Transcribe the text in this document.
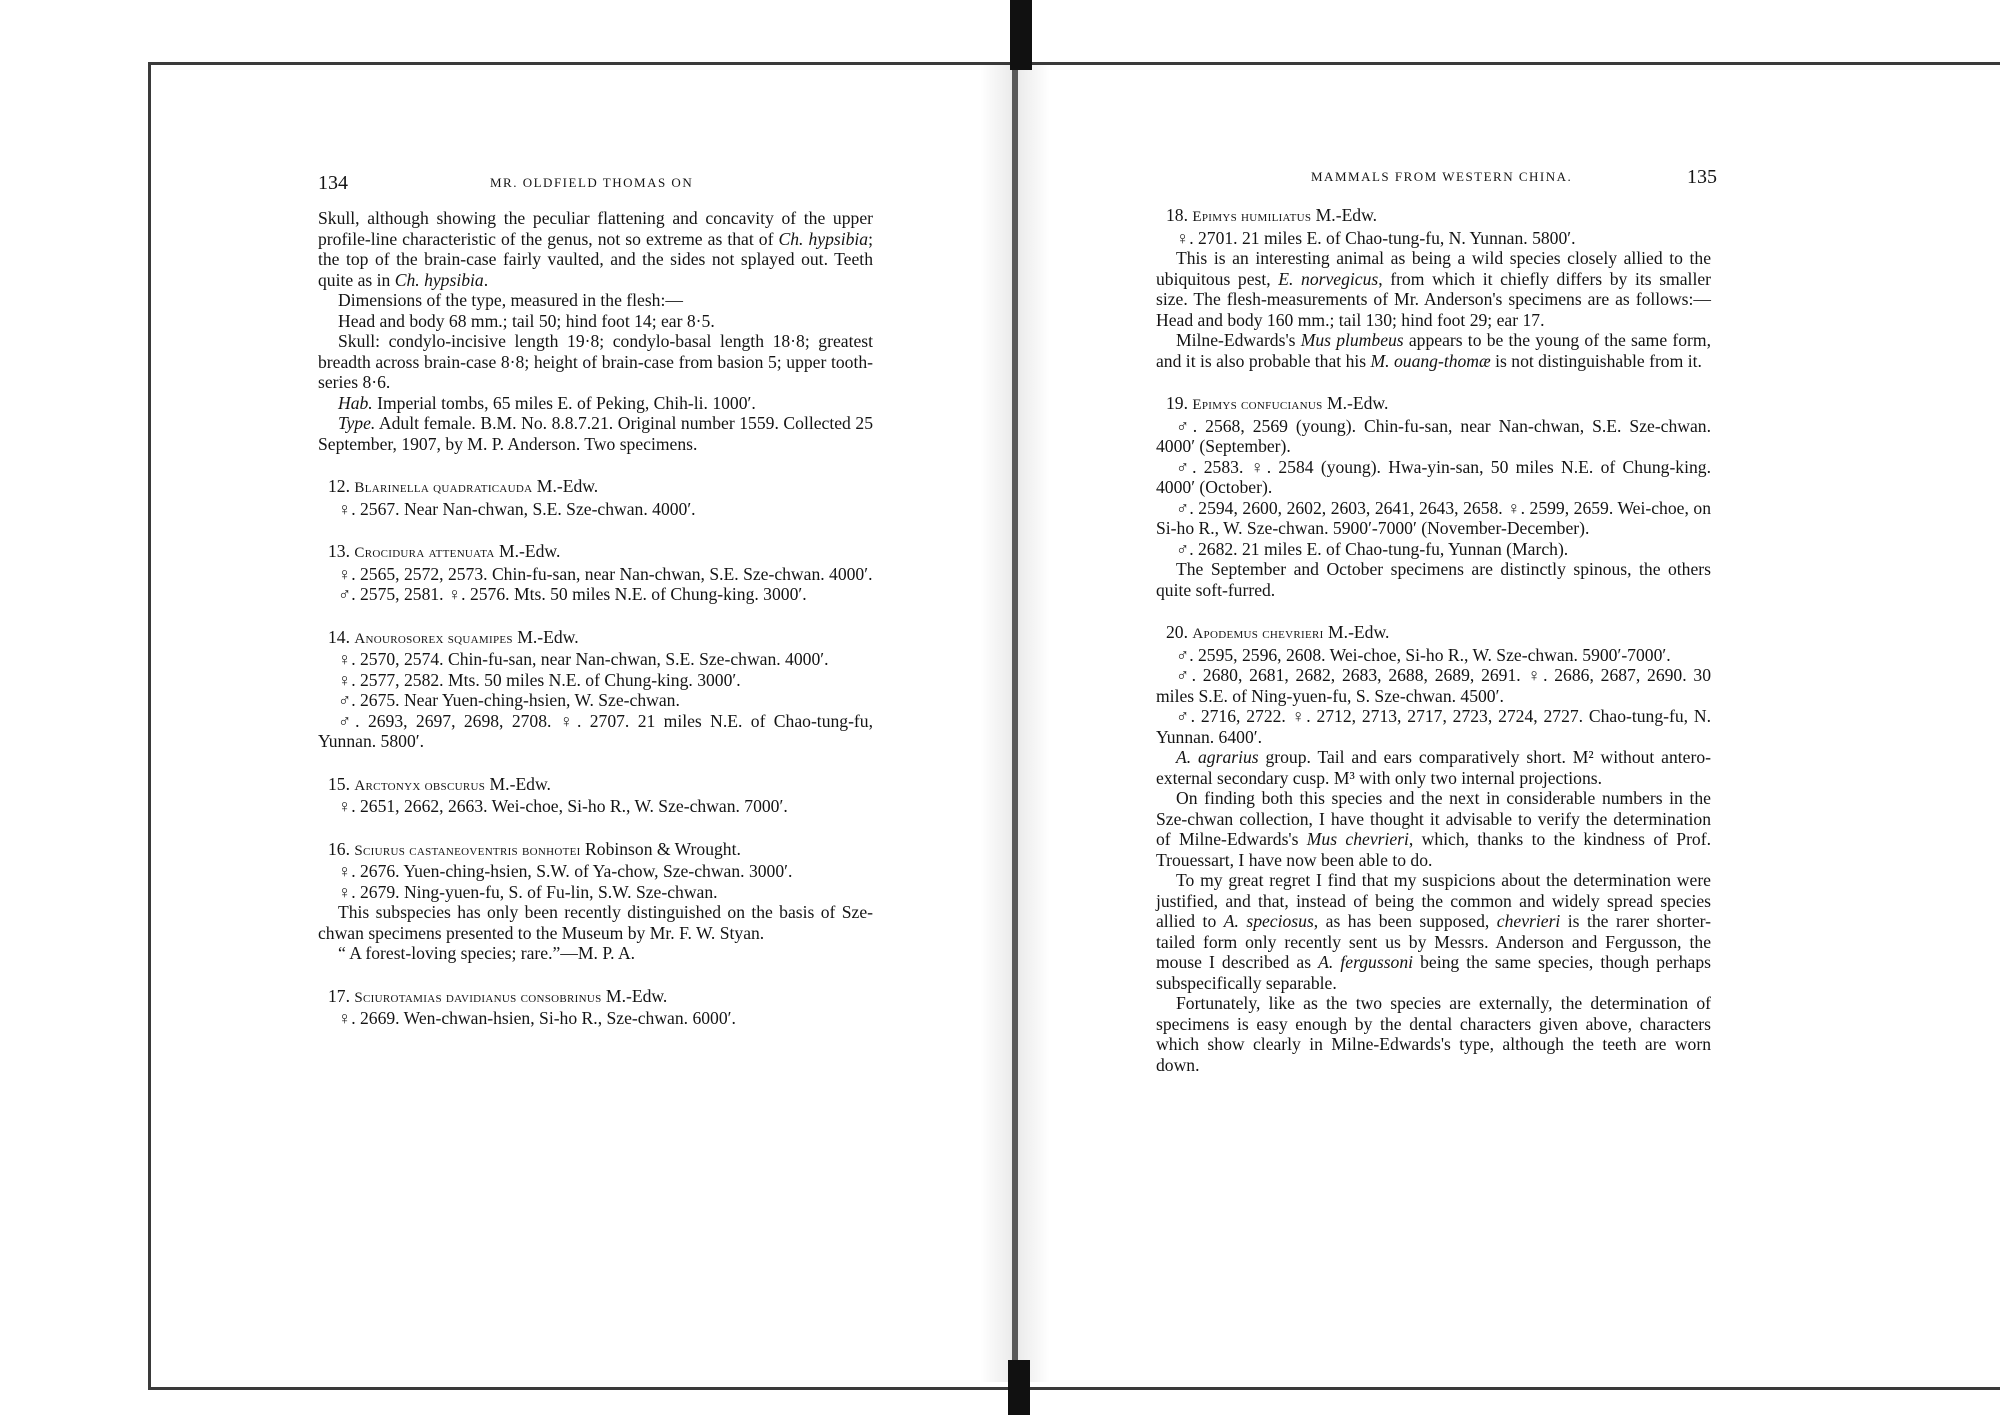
134	MR. OLDFIELD THOMAS ON

Skull, although showing the peculiar flattening and concavity of the upper profile-line characteristic of the genus, not so extreme as that of Ch. hypsibia; the top of the brain-case fairly vaulted, and the sides not splayed out. Teeth quite as in Ch. hypsibia.

Dimensions of the type, measured in the flesh:—

Head and body 68 mm.; tail 50; hind foot 14; ear 8·5.

Skull: condylo-incisive length 19·8; condylo-basal length 18·8; greatest breadth across brain-case 8·8; height of brain-case from basion 5; upper tooth-series 8·6.

Hab. Imperial tombs, 65 miles E. of Peking, Chih-li. 1000′.

Type. Adult female. B.M. No. 8.8.7.21. Original number 1559. Collected 25 September, 1907, by M. P. Anderson. Two specimens.

12. Blarinella quadraticauda M.-Edw.

♀. 2567. Near Nan-chwan, S.E. Sze-chwan. 4000′.

13. Crocidura attenuata M.-Edw.

♀. 2565, 2572, 2573. Chin-fu-san, near Nan-chwan, S.E. Sze-chwan. 4000′.

♂. 2575, 2581. ♀. 2576. Mts. 50 miles N.E. of Chung-king. 3000′.

14. Anourosorex squamipes M.-Edw.

♀. 2570, 2574. Chin-fu-san, near Nan-chwan, S.E. Sze-chwan. 4000′.

♀. 2577, 2582. Mts. 50 miles N.E. of Chung-king. 3000′.

♂. 2675. Near Yuen-ching-hsien, W. Sze-chwan.

♂. 2693, 2697, 2698, 2708. ♀. 2707. 21 miles N.E. of Chao-tung-fu, Yunnan. 5800′.

15. Arctonyx obscurus M.-Edw.

♀. 2651, 2662, 2663. Wei-choe, Si-ho R., W. Sze-chwan. 7000′.

16. Sciurus castaneoventris bonhotei Robinson & Wrought.

♀. 2676. Yuen-ching-hsien, S.W. of Ya-chow, Sze-chwan. 3000′.

♀. 2679. Ning-yuen-fu, S. of Fu-lin, S.W. Sze-chwan.

This subspecies has only been recently distinguished on the basis of Sze-chwan specimens presented to the Museum by Mr. F. W. Styan.

“ A forest-loving species; rare.”—M. P. A.

17. Sciurotamias davidianus consobrinus M.-Edw.

♀. 2669. Wen-chwan-hsien, Si-ho R., Sze-chwan. 6000′.

MAMMALS FROM WESTERN CHINA.	135

18. Epimys humiliatus M.-Edw.

♀. 2701. 21 miles E. of Chao-tung-fu, N. Yunnan. 5800′.

This is an interesting animal as being a wild species closely allied to the ubiquitous pest, E. norvegicus, from which it chiefly differs by its smaller size. The flesh-measurements of Mr. Anderson's specimens are as follows:—Head and body 160 mm.; tail 130; hind foot 29; ear 17.

Milne-Edwards's Mus plumbeus appears to be the young of the same form, and it is also probable that his M. ouang-thomæ is not distinguishable from it.

19. Epimys confucianus M.-Edw.

♂. 2568, 2569 (young). Chin-fu-san, near Nan-chwan, S.E. Sze-chwan. 4000′ (September).

♂. 2583. ♀. 2584 (young). Hwa-yin-san, 50 miles N.E. of Chung-king. 4000′ (October).

♂. 2594, 2600, 2602, 2603, 2641, 2643, 2658. ♀. 2599, 2659. Wei-choe, on Si-ho R., W. Sze-chwan. 5900′-7000′ (November-December).

♂. 2682. 21 miles E. of Chao-tung-fu, Yunnan (March).

The September and October specimens are distinctly spinous, the others quite soft-furred.

20. Apodemus chevrieri M.-Edw.

♂. 2595, 2596, 2608. Wei-choe, Si-ho R., W. Sze-chwan. 5900′-7000′.

♂. 2680, 2681, 2682, 2683, 2688, 2689, 2691. ♀. 2686, 2687, 2690. 30 miles S.E. of Ning-yuen-fu, S. Sze-chwan. 4500′.

♂. 2716, 2722. ♀. 2712, 2713, 2717, 2723, 2724, 2727. Chao-tung-fu, N. Yunnan. 6400′.

A. agrarius group. Tail and ears comparatively short. M² without antero-external secondary cusp. M³ with only two internal projections.

On finding both this species and the next in considerable numbers in the Sze-chwan collection, I have thought it advisable to verify the determination of Milne-Edwards's Mus chevrieri, which, thanks to the kindness of Prof. Trouessart, I have now been able to do.

To my great regret I find that my suspicions about the determination were justified, and that, instead of being the common and widely spread species allied to A. speciosus, as has been supposed, chevrieri is the rarer shorter-tailed form only recently sent us by Messrs. Anderson and Fergusson, the mouse I described as A. fergussoni being the same species, though perhaps subspecifically separable.

Fortunately, like as the two species are externally, the determination of specimens is easy enough by the dental characters given above, characters which show clearly in Milne-Edwards's type, although the teeth are worn down.
